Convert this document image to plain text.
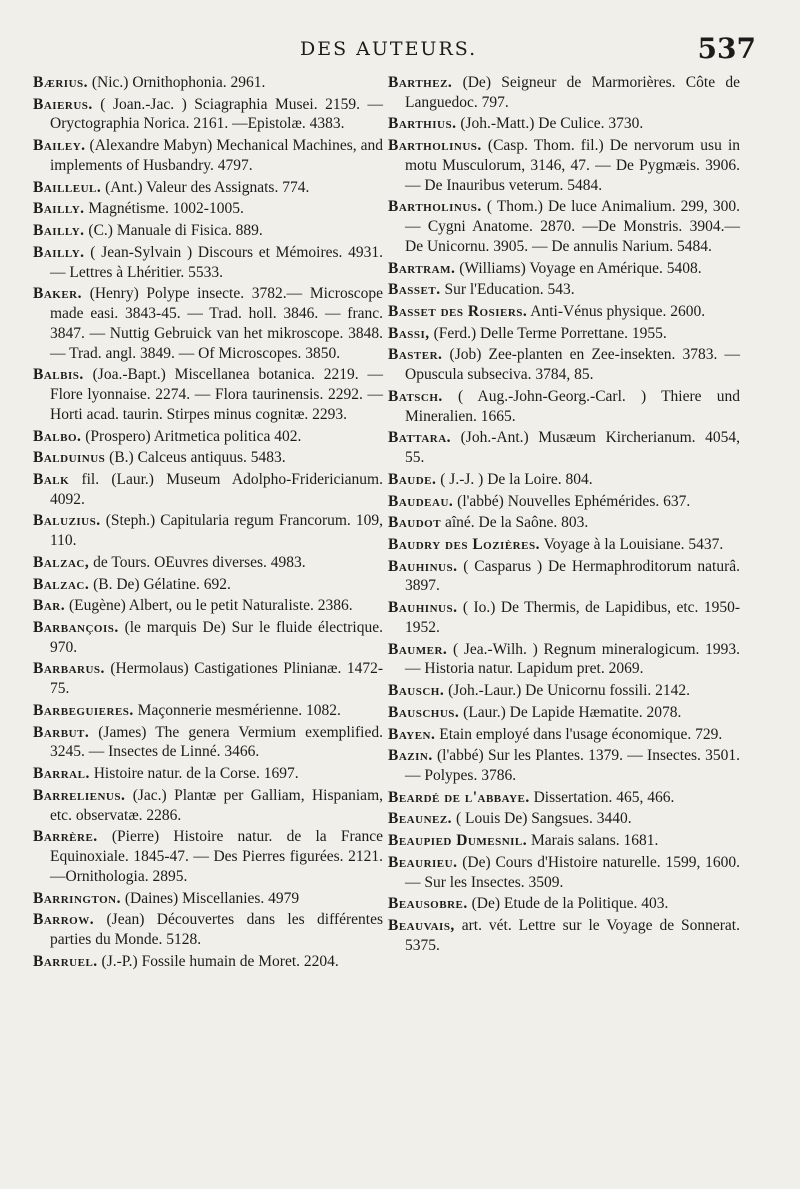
DES AUTEURS.	537

Bærius. (Nic.) Ornithophonia. 2961.

Baierus. ( Joan.-Jac. ) Sciagraphia Musei. 2159. — Oryctographia Norica. 2161. —Epistolæ. 4383.

Bailey. (Alexandre Mabyn) Mechanical Machines, and implements of Husbandry. 4797.

Bailleul. (Ant.) Valeur des Assignats. 774.

Bailly. Magnétisme. 1002-1005.

Bailly. (C.) Manuale di Fisica. 889.

Bailly. ( Jean-Sylvain ) Discours et Mémoires. 4931. — Lettres à Lhéritier. 5533.

Baker. (Henry) Polype insecte. 3782.— Microscope made easi. 3843-45. — Trad. holl. 3846. — franc. 3847. — Nuttig Gebruick van het mikroscope. 3848. — Trad. angl. 3849. — Of Microscopes. 3850.

Balbis. (Joa.-Bapt.) Miscellanea botanica. 2219. — Flore lyonnaise. 2274. — Flora taurinensis. 2292. — Horti acad. taurin. Stirpes minus cognitæ. 2293.

Balbo. (Prospero) Aritmetica politica 402.

Balduinus (B.) Calceus antiquus. 5483.

Balk fil. (Laur.) Museum Adolpho-Fridericianum. 4092.

Baluzius. (Steph.) Capitularia regum Francorum. 109, 110.

Balzac, de Tours. OEuvres diverses. 4983.

Balzac. (B. De) Gélatine. 692.

Bar. (Eugène) Albert, ou le petit Naturaliste. 2386.

Barbançois. (le marquis De) Sur le fluide électrique. 970.

Barbarus. (Hermolaus) Castigationes Plinianæ. 1472-75.

Barbeguieres. Maçonnerie mesmérienne. 1082.

Barbut. (James) The genera Vermium exemplified. 3245. — Insectes de Linné. 3466.

Barral. Histoire natur. de la Corse. 1697.

Barrelienus. (Jac.) Plantæ per Galliam, Hispaniam, etc. observatæ. 2286.

Barrère. (Pierre) Histoire natur. de la France Equinoxiale. 1845-47. — Des Pierres figurées. 2121.—Ornithologia. 2895.

Barrington. (Daines) Miscellanies. 4979

Barrow. (Jean) Découvertes dans les différentes parties du Monde. 5128.

Barruel. (J.-P.) Fossile humain de Moret. 2204.

Barthez. (De) Seigneur de Marmorières. Côte de Languedoc. 797.

Barthius. (Joh.-Matt.) De Culice. 3730.

Bartholinus. (Casp. Thom. fil.) De nervorum usu in motu Musculorum, 3146, 47. — De Pygmæis. 3906. — De Inauribus veterum. 5484.

Bartholinus. ( Thom.) De luce Animalium. 299, 300. — Cygni Anatome. 2870. —De Monstris. 3904.— De Unicornu. 3905. — De annulis Narium. 5484.

Bartram. (Williams) Voyage en Amérique. 5408.

Basset. Sur l'Education. 543.

Basset des Rosiers. Anti-Vénus physique. 2600.

Bassi, (Ferd.) Delle Terme Porrettane. 1955.

Baster. (Job) Zee-planten en Zee-insekten. 3783. — Opuscula subseciva. 3784, 85.

Batsch. ( Aug.-John-Georg.-Carl. ) Thiere und Mineralien. 1665.

Battara. (Joh.-Ant.) Musæum Kircherianum. 4054, 55.

Baude. ( J.-J. ) De la Loire. 804.

Baudeau. (l'abbé) Nouvelles Ephémérides. 637.

Baudot aîné. De la Saône. 803.

Baudry des Lozières. Voyage à la Louisiane. 5437.

Bauhinus. ( Casparus ) De Hermaphroditorum naturâ. 3897.

Bauhinus. ( Io.) De Thermis, de Lapidibus, etc. 1950-1952.

Baumer. ( Jea.-Wilh. ) Regnum mineralogicum. 1993. — Historia natur. Lapidum pret. 2069.

Bausch. (Joh.-Laur.) De Unicornu fossili. 2142.

Bauschus. (Laur.) De Lapide Hæmatite. 2078.

Bayen. Etain employé dans l'usage économique. 729.

Bazin. (l'abbé) Sur les Plantes. 1379. — Insectes. 3501. — Polypes. 3786.

Beardé de l'abbaye. Dissertation. 465, 466.

Beaunez. ( Louis De) Sangsues. 3440.

Beaupied Dumesnil. Marais salans. 1681.

Beaurieu. (De) Cours d'Histoire naturelle. 1599, 1600. — Sur les Insectes. 3509.

Beausobre. (De) Etude de la Politique. 403.

Beauvais, art. vét. Lettre sur le Voyage de Sonnerat. 5375.
